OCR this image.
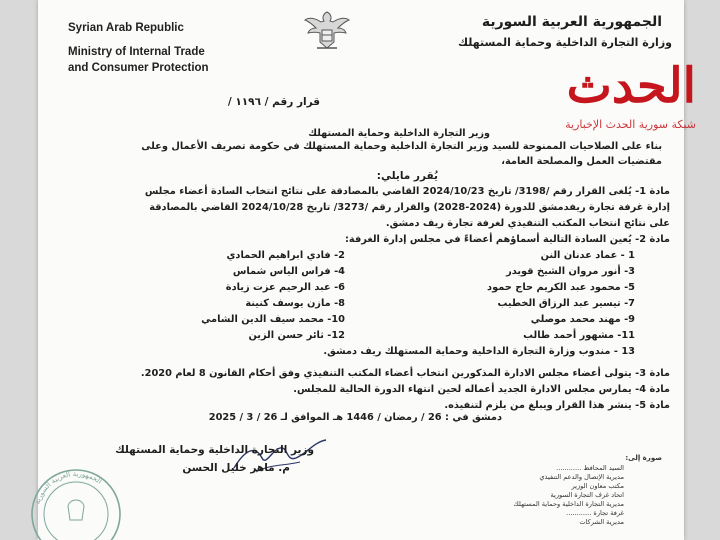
Syrian Arab Republic
Ministry of Internal Trade
and Consumer Protection
الجمهورية العربية السورية
وزارة التجارة الداخلية وحماية المستهلك
الحدث
شبكة سورية الحدث الإخبارية
قرار رقم / ١١٩٦ /
وزير التجارة الداخلية وحماية المستهلك
بناء على الصلاحيات الممنوحة للسيد وزير التجارة الداخلية وحماية المستهلك في حكومة تصريف الأعمال وعلى
مقتضيات العمل والمصلحة العامة،
يُقرر مايلي:
مادة 1- يُلغى القرار رقم /3198/ تاريخ 2024/10/23 القاضي بالمصادقة على نتائج انتخاب السادة أعضاء مجلس
إدارة غرفة تجارة ريفدمشق للدورة (2024-2028) والقرار رقم /3273/ تاريخ 2024/10/28 القاضي بالمصادقة
على نتائج انتخاب المكتب التنفيذي لغرفة تجارة ريف دمشق.
مادة 2- يُعين السادة التالية أسماؤهم أعضاءً في مجلس إدارة الغرفة:
1 - عماد عدنان النن
2- فادي ابراهيم الحمادي
3- أنور مروان الشيخ قويدر
4- فراس الياس شماس
5- محمود عبد الكريم حاج حمود
6- عبد الرحيم عزت زيادة
7- تيسير عبد الرزاق الخطيب
8- مازن يوسف كنينة
9- مهند محمد موصلي
10- محمد سيف الدين الشامي
11- مشهور أحمد طالب
12- ثائر حسن الزين
13 - مندوب وزارة التجارة الداخلية وحماية المستهلك ريف دمشق.
مادة 3- يتولى أعضاء مجلس الادارة المذكورين انتخاب أعضاء المكتب التنفيذي وفق أحكام القانون 8 لعام 2020.
مادة 4- يمارس مجلس الادارة الجديد أعماله لحين انتهاء الدورة الحالية للمجلس.
مادة 5- ينشر هذا القرار ويبلغ من يلزم لتنفيذه.
دمشق في : 26 / رمضان / 1446 هـ الموافق لـ 26 / 3 / 2025
وزير التجارة الداخلية وحماية المستهلك
م. ماهر خليل الحسن
الجمهورية العربية السورية
صورة إلى:
السيد المحافظ ............
مديرية الإتصال والدعم التنفيذي
مكتب معاون الوزير
اتحاد غرف التجارة السورية
مديرية التجارة الداخلية وحماية المستهلك
غرفة تجارة ............
مديرية الشركات
